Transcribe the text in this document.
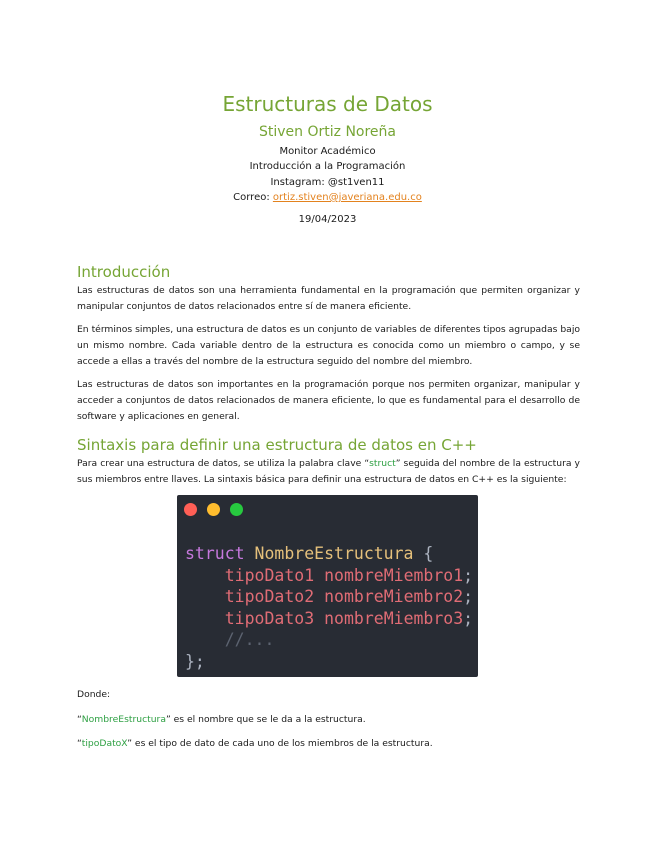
Estructuras de Datos
Stiven Ortiz Noreña
Monitor Académico
Introducción a la Programación
Instagram: @st1ven11
Correo: ortiz.stiven@javeriana.edu.co
19/04/2023
Introducción
Las estructuras de datos son una herramienta fundamental en la programación que permiten organizar y manipular conjuntos de datos relacionados entre sí de manera eficiente.
En términos simples, una estructura de datos es un conjunto de variables de diferentes tipos agrupadas bajo un mismo nombre. Cada variable dentro de la estructura es conocida como un miembro o campo, y se accede a ellas a través del nombre de la estructura seguido del nombre del miembro.
Las estructuras de datos son importantes en la programación porque nos permiten organizar, manipular y acceder a conjuntos de datos relacionados de manera eficiente, lo que es fundamental para el desarrollo de software y aplicaciones en general.
Sintaxis para definir una estructura de datos en C++
Para crear una estructura de datos, se utiliza la palabra clave “struct” seguida del nombre de la estructura y sus miembros entre llaves. La sintaxis básica para definir una estructura de datos en C++ es la siguiente:
struct NombreEstructura {
tipoDato1 nombreMiembro1;
tipoDato2 nombreMiembro2;
tipoDato3 nombreMiembro3;
//...
};
Donde:
“NombreEstructura” es el nombre que se le da a la estructura.
“tipoDatoX” es el tipo de dato de cada uno de los miembros de la estructura.
